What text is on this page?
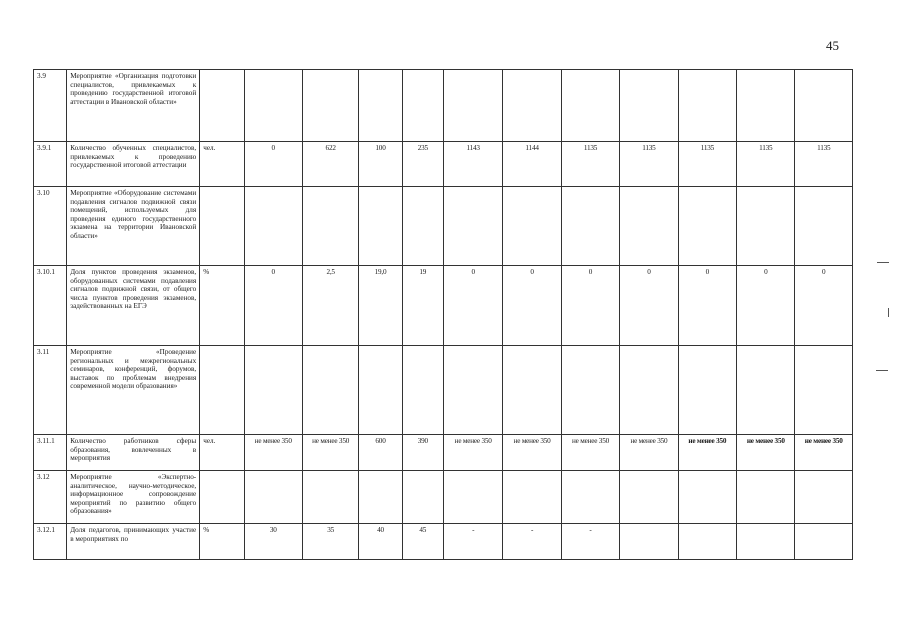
45
3.9	Мероприятие «Организация подготовки специалистов, привлекаемых к проведению государственной итоговой аттестации в Ивановской области»												
3.9.1	Количество обученных специалистов, привлекаемых к проведению государственной итоговой аттестации	чел.	0	622	100	235	1143	1144	1135	1135	1135	1135	1135
3.10	Мероприятие «Оборудование системами подавления сигналов подвижной связи помещений, используемых для проведения единого государственного экзамена на территории Ивановской области»												
3.10.1	Доля пунктов проведения экзаменов, оборудованных системами подавления сигналов подвижной связи, от общего числа пунктов проведения экзаменов, задействованных на ЕГЭ	%	0	2,5	19,0	19	0	0	0	0	0	0	0
3.11	Мероприятие «Проведение региональных и межрегиональных семинаров, конференций, форумов, выставок по проблемам внедрения современной модели образования»												
3.11.1	Количество работников сферы образования, вовлеченных в мероприятия	чел.	не менее 350	не менее 350	600	390	не менее 350	не менее 350	не менее 350	не менее 350	не менее 350	не менее 350	не менее 350
3.12	Мероприятие «Экспертно-аналитическое, научно-методическое, информационное сопровождение мероприятий по развитию общего образования»												
3.12.1	Доля педагогов, принимающих участие в мероприятиях по	%	30	35	40	45	-	-	-				
